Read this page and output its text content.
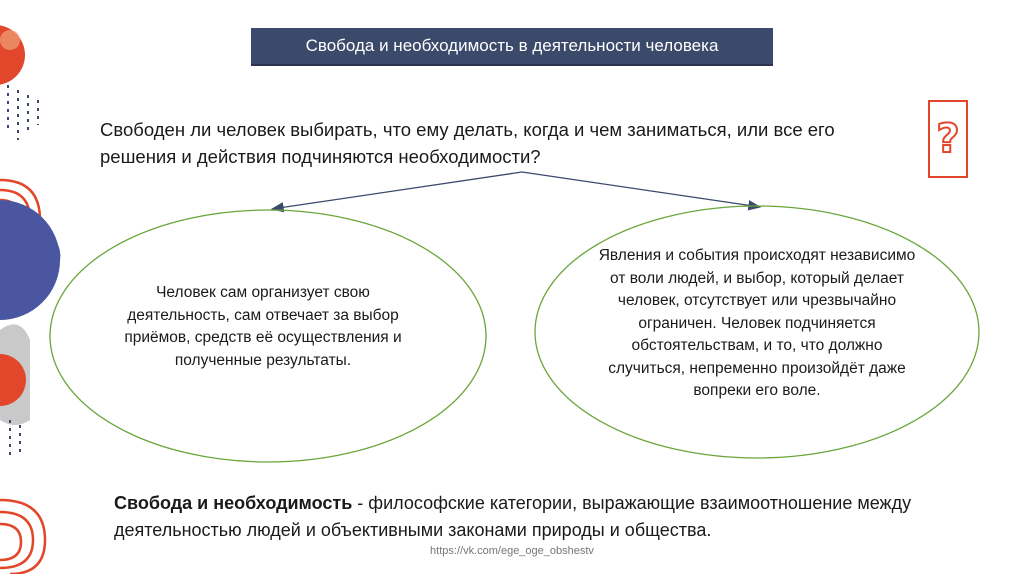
Свобода и необходимость в деятельности человека
Свободен ли человек выбирать, что ему делать, когда и чем заниматься, или все его решения и действия подчиняются необходимости?	?
Человек сам организует свою деятельность, сам отвечает за выбор приёмов, средств её осуществления и полученные результаты.
Явления и события происходят независимо от воли людей, и выбор, который делает человек, отсутствует или чрезвычайно ограничен. Человек подчиняется обстоятельствам, и то, что должно случиться, непременно произойдёт даже вопреки его воле.
Свобода и необходимость - философские категории, выражающие взаимоотношение между деятельностью людей и объективными законами природы и общества.
https://vk.com/ege_oge_obshestv
